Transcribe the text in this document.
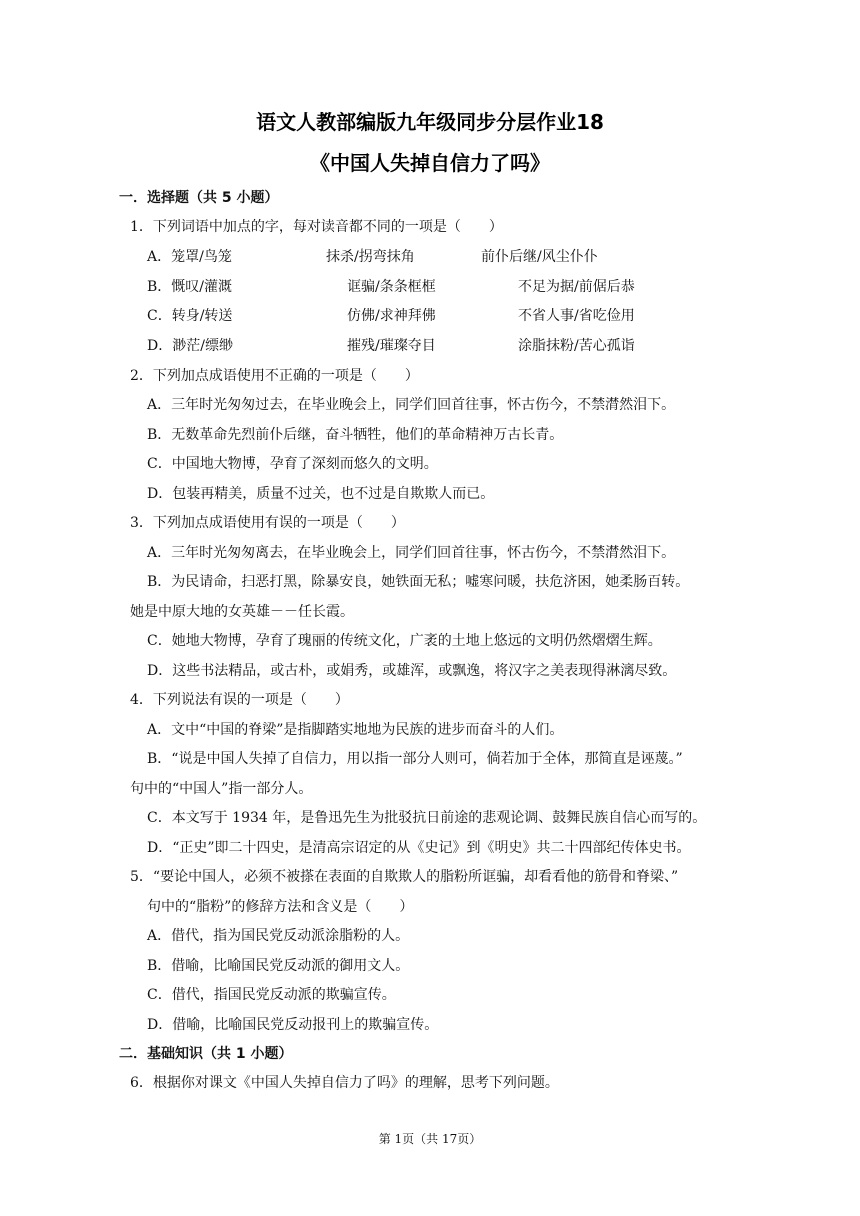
语文人教部编版九年级同步分层作业18
《中国人失掉自信力了吗》
一．选择题（共 5 小题）
1．下列词语中加点的字，每对读音都不同的一项是（　　）
A．笼罩/鸟笼	抹杀/拐弯抹角	前仆后继/风尘仆仆
B．慨叹/灌溉	诓骗/条条框框	不足为据/前倨后恭
C．转身/转送	仿佛/求神拜佛	不省人事/省吃俭用
D．渺茫/缥缈	摧残/璀璨夺目	涂脂抹粉/苦心孤诣
2．下列加点成语使用不正确的一项是（　　）
A．三年时光匆匆过去，在毕业晚会上，同学们回首往事，怀古伤今，不禁潸然泪下。
B．无数革命先烈前仆后继，奋斗牺牲，他们的革命精神万古长青。
C．中国地大物博，孕育了深刻而悠久的文明。
D．包装再精美，质量不过关，也不过是自欺欺人而已。
3．下列加点成语使用有误的一项是（　　）
A．三年时光匆匆离去，在毕业晚会上，同学们回首往事，怀古伤今，不禁潸然泪下。
B．为民请命，扫恶打黑，除暴安良，她铁面无私；嘘寒问暖，扶危济困，她柔肠百转。
她是中原大地的女英雄－－任长霞。
C．她地大物博，孕育了瑰丽的传统文化，广袤的土地上悠远的文明仍然熠熠生辉。
D．这些书法精品，或古朴，或娟秀，或雄浑，或飘逸，将汉字之美表现得淋漓尽致。
4．下列说法有误的一项是（　　）
A．文中“中国的脊梁”是指脚踏实地地为民族的进步而奋斗的人们。
B．“说是中国人失掉了自信力，用以指一部分人则可，倘若加于全体，那简直是诬蔑。”
句中的“中国人”指一部分人。
C．本文写于 1934 年，是鲁迅先生为批驳抗日前途的悲观论调、鼓舞民族自信心而写的。
D．“正史”即二十四史，是清高宗诏定的从《史记》到《明史》共二十四部纪传体史书。
5．“要论中国人，必须不被搽在表面的自欺欺人的脂粉所诓骗，却看看他的筋骨和脊梁、”
句中的“脂粉”的修辞方法和含义是（　　）
A．借代，指为国民党反动派涂脂粉的人。
B．借喻，比喻国民党反动派的御用文人。
C．借代，指国民党反动派的欺骗宣传。
D．借喻，比喻国民党反动报刊上的欺骗宣传。
二．基础知识（共 1 小题）
6．根据你对课文《中国人失掉自信力了吗》的理解，思考下列问题。
第 1页（共 17页）
